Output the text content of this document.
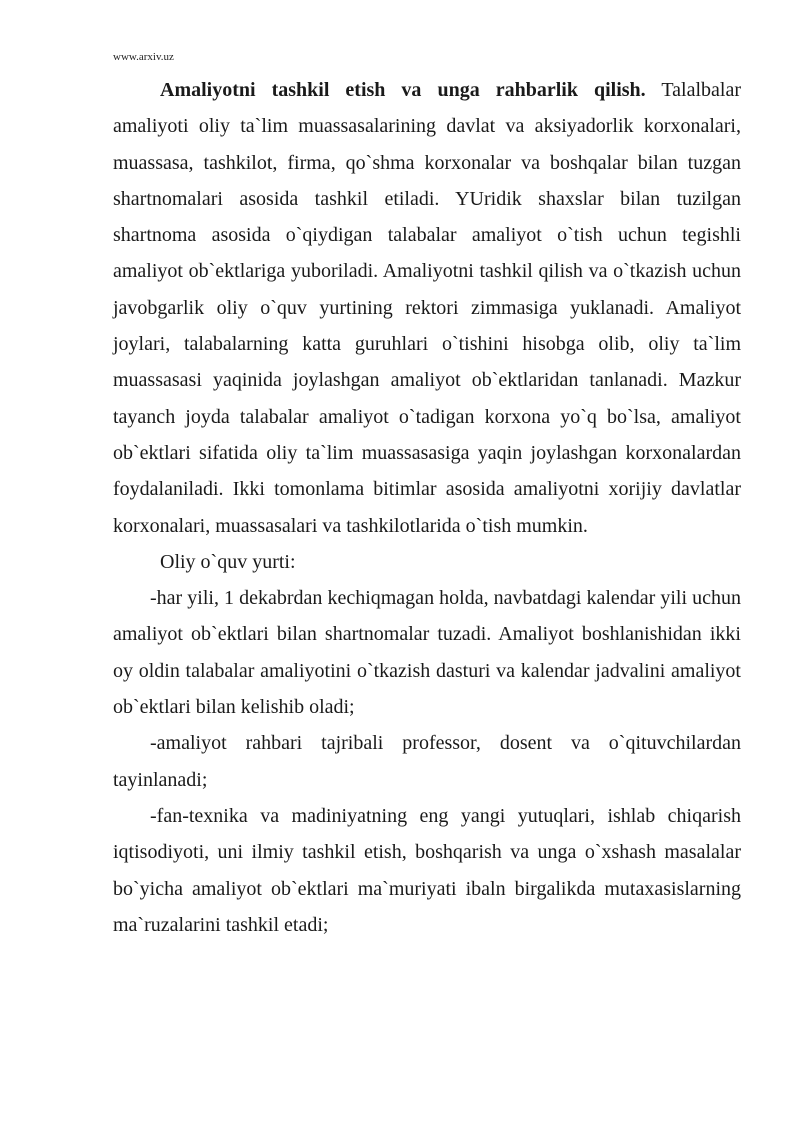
www.arxiv.uz

Amaliyotni tashkil etish va unga rahbarlik qilish. Talalbalar amaliyoti oliy ta`lim muassasalarining davlat va aksiyadorlik korxonalari, muassasa, tashkilot, firma, qo`shma korxonalar va boshqalar bilan tuzgan shartnomalari asosida tashkil etiladi. YUridik shaxslar bilan tuzilgan shartnoma asosida o`qiydigan talabalar amaliyot o`tish uchun tegishli amaliyot ob`ektlariga yuboriladi. Amaliyotni tashkil qilish va o`tkazish uchun javobgarlik oliy o`quv yurtining rektori zimmasiga yuklanadi. Amaliyot joylari, talabalarning katta guruhlari o`tishini hisobga olib, oliy ta`lim muassasasi yaqinida joylashgan amaliyot ob`ektlaridan tanlanadi. Mazkur tayanch joyda talabalar amaliyot o`tadigan korxona yo`q bo`lsa, amaliyot ob`ektlari sifatida oliy ta`lim muassasasiga yaqin joylashgan korxonalardan foydalaniladi. Ikki tomonlama bitimlar asosida amaliyotni xorijiy davlatlar korxonalari, muassasalari va tashkilotlarida o`tish mumkin.

Oliy o`quv yurti:

-har yili, 1 dekabrdan kechiqmagan holda, navbatdagi kalendar yili uchun amaliyot ob`ektlari bilan shartnomalar tuzadi. Amaliyot boshlanishidan ikki oy oldin talabalar amaliyotini o`tkazish dasturi va kalendar jadvalini amaliyot ob`ektlari bilan kelishib oladi;

-amaliyot rahbari tajribali professor, dosent va o`qituvchilardan tayinlanadi;

-fan-texnika va madiniyatning eng yangi yutuqlari, ishlab chiqarish iqtisodiyoti, uni ilmiy tashkil etish, boshqarish va unga o`xshash masalalar bo`yicha amaliyot ob`ektlari ma`muriyati ibaln birgalikda mutaxasislarning ma`ruzalarini tashkil etadi;
